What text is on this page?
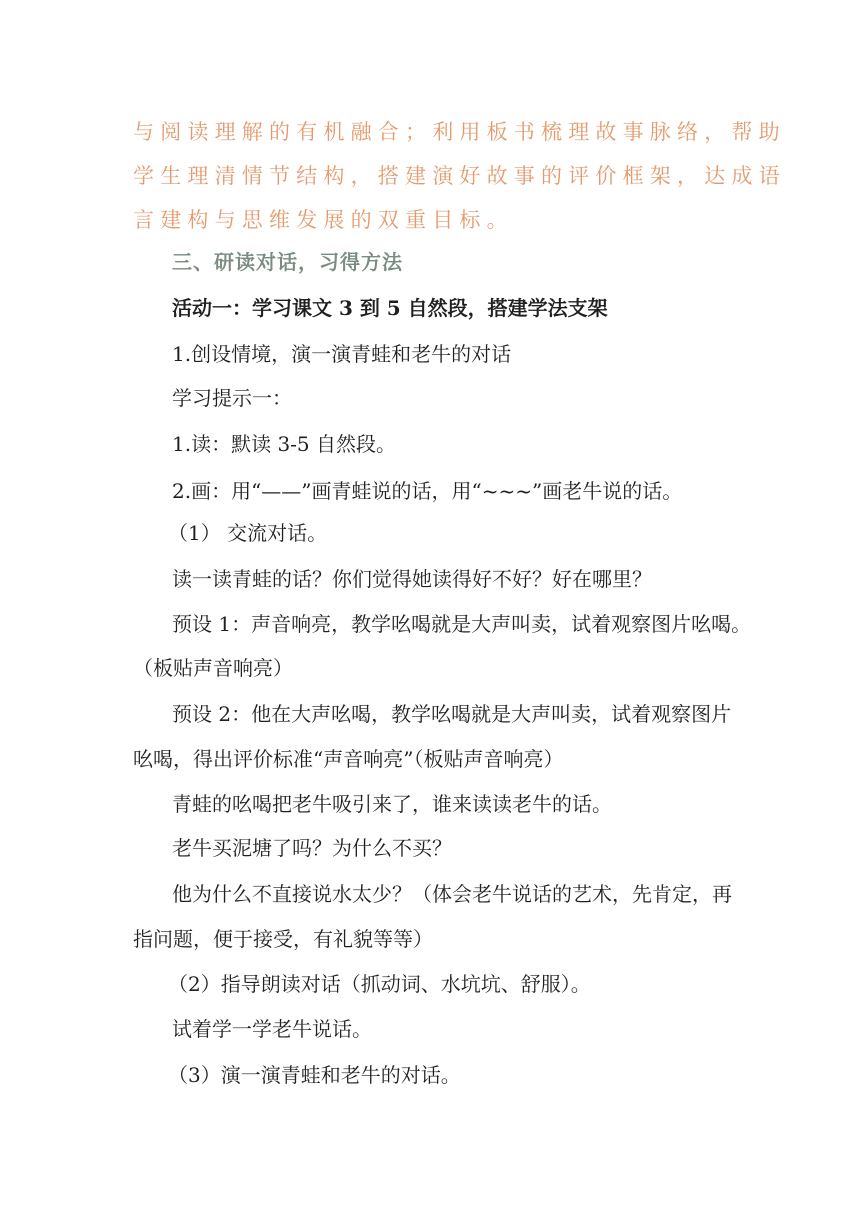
与阅读理解的有机融合；利用板书梳理故事脉络，帮助
学生理清情节结构，搭建演好故事的评价框架，达成语
言建构与思维发展的双重目标。
三、研读对话，习得方法
活动一：学习课文 3 到 5 自然段，搭建学法支架
1.创设情境，演一演青蛙和老牛的对话
学习提示一：
1.读：默读 3-5 自然段。
2.画：用“——”画青蛙说的话，用“~~~”画老牛说的话。
（1） 交流对话。
读一读青蛙的话？你们觉得她读得好不好？好在哪里？
预设 1：声音响亮，教学吆喝就是大声叫卖，试着观察图片吆喝。
（板贴声音响亮）
预设 2：他在大声吆喝，教学吆喝就是大声叫卖，试着观察图片
吆喝，得出评价标准“声音响亮”（板贴声音响亮）
青蛙的吆喝把老牛吸引来了，谁来读读老牛的话。
老牛买泥塘了吗？为什么不买？
他为什么不直接说水太少？（体会老牛说话的艺术，先肯定，再
指问题，便于接受，有礼貌等等）
（2）指导朗读对话（抓动词、水坑坑、舒服）。
试着学一学老牛说话。
（3）演一演青蛙和老牛的对话。
